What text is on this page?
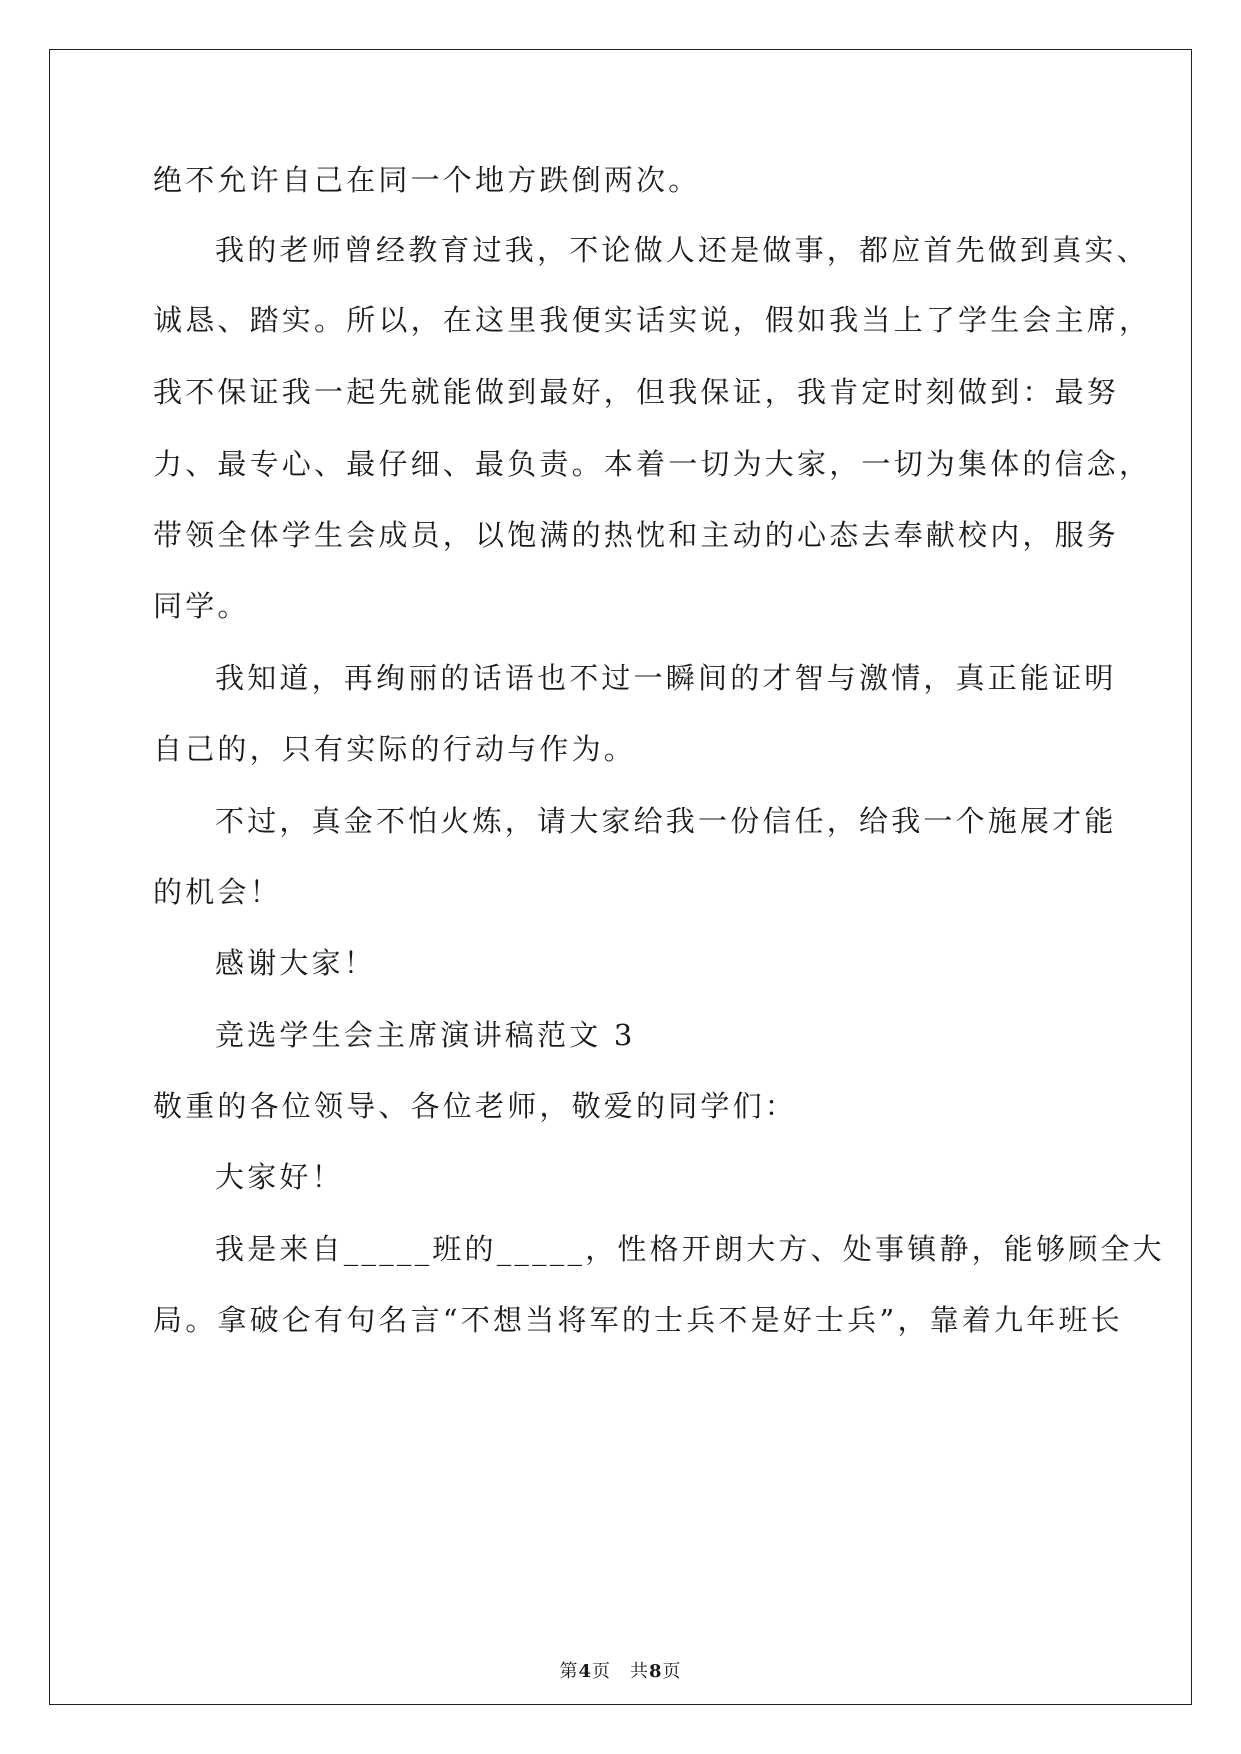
绝不允许自己在同一个地方跌倒两次。
我的老师曾经教育过我，不论做人还是做事，都应首先做到真实、
诚恳、踏实。所以，在这里我便实话实说，假如我当上了学生会主席，
我不保证我一起先就能做到最好，但我保证，我肯定时刻做到：最努
力、最专心、最仔细、最负责。本着一切为大家，一切为集体的信念，
带领全体学生会成员，以饱满的热忱和主动的心态去奉献校内，服务
同学。
我知道，再绚丽的话语也不过一瞬间的才智与激情，真正能证明
自己的，只有实际的行动与作为。
不过，真金不怕火炼，请大家给我一份信任，给我一个施展才能
的机会！
感谢大家！
竞选学生会主席演讲稿范文 3
敬重的各位领导、各位老师，敬爱的同学们：
大家好！
我是来自_____班的_____，性格开朗大方、处事镇静，能够顾全大
局。拿破仑有句名言“不想当将军的士兵不是好士兵”，靠着九年班长
第4页　共8页
